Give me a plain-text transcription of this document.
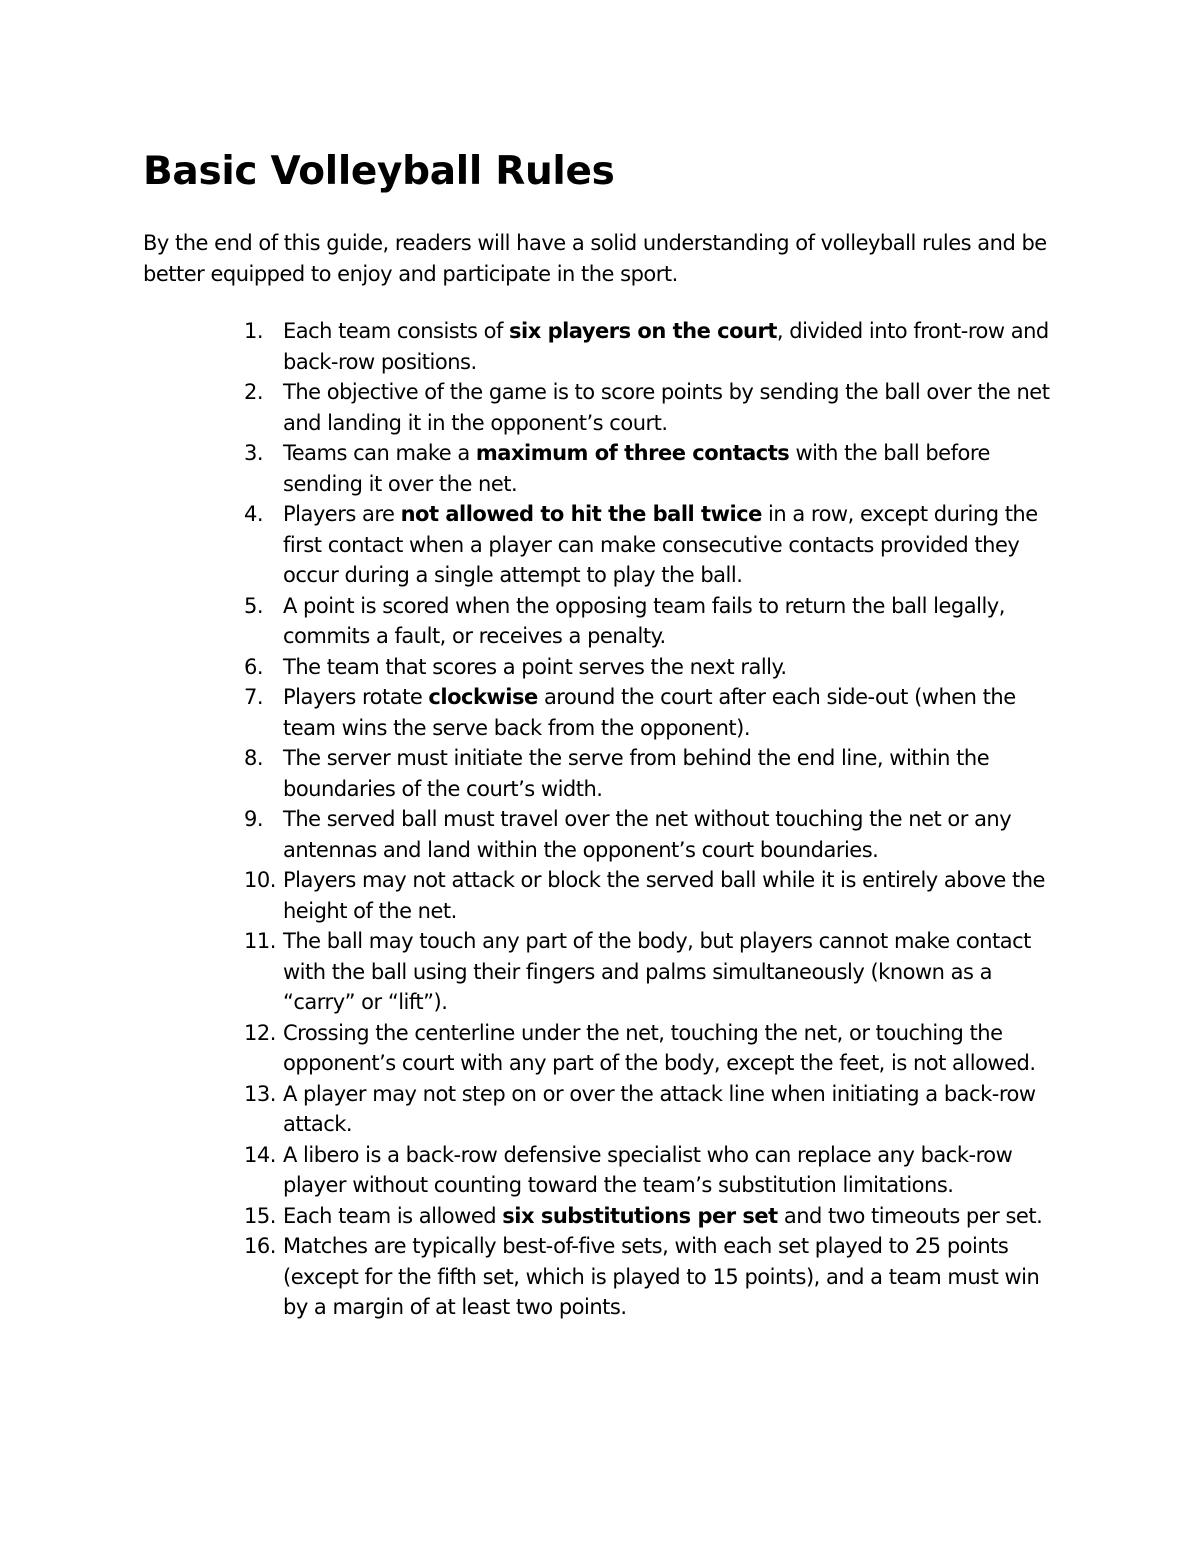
Basic Volleyball Rules

By the end of this guide, readers will have a solid understanding of volleyball rules and be better equipped to enjoy and participate in the sport.

1. Each team consists of six players on the court, divided into front-row and back-row positions.
2. The objective of the game is to score points by sending the ball over the net and landing it in the opponent’s court.
3. Teams can make a maximum of three contacts with the ball before sending it over the net.
4. Players are not allowed to hit the ball twice in a row, except during the first contact when a player can make consecutive contacts provided they occur during a single attempt to play the ball.
5. A point is scored when the opposing team fails to return the ball legally, commits a fault, or receives a penalty.
6. The team that scores a point serves the next rally.
7. Players rotate clockwise around the court after each side-out (when the team wins the serve back from the opponent).
8. The server must initiate the serve from behind the end line, within the boundaries of the court’s width.
9. The served ball must travel over the net without touching the net or any antennas and land within the opponent’s court boundaries.
10. Players may not attack or block the served ball while it is entirely above the height of the net.
11. The ball may touch any part of the body, but players cannot make contact with the ball using their fingers and palms simultaneously (known as a “carry” or “lift”).
12. Crossing the centerline under the net, touching the net, or touching the opponent’s court with any part of the body, except the feet, is not allowed.
13. A player may not step on or over the attack line when initiating a back-row attack.
14. A libero is a back-row defensive specialist who can replace any back-row player without counting toward the team’s substitution limitations.
15. Each team is allowed six substitutions per set and two timeouts per set.
16. Matches are typically best-of-five sets, with each set played to 25 points (except for the fifth set, which is played to 15 points), and a team must win by a margin of at least two points.
